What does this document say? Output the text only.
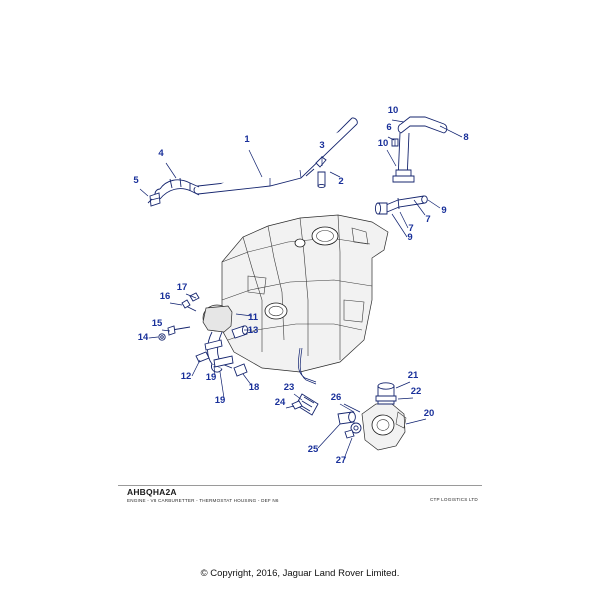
1
2
3
4
5
6
7
8
9
7
9
10
10
11
12
13
14
15
16
17
18
19
19
20
21
22
23
24
25
26
27
AHBQHA2A
ENGINE - V8 CARBURETTER - THERMOSTAT HOUSING - DEF N6	CTP LOGISTICS LTD
© Copyright, 2016, Jaguar Land Rover Limited.
